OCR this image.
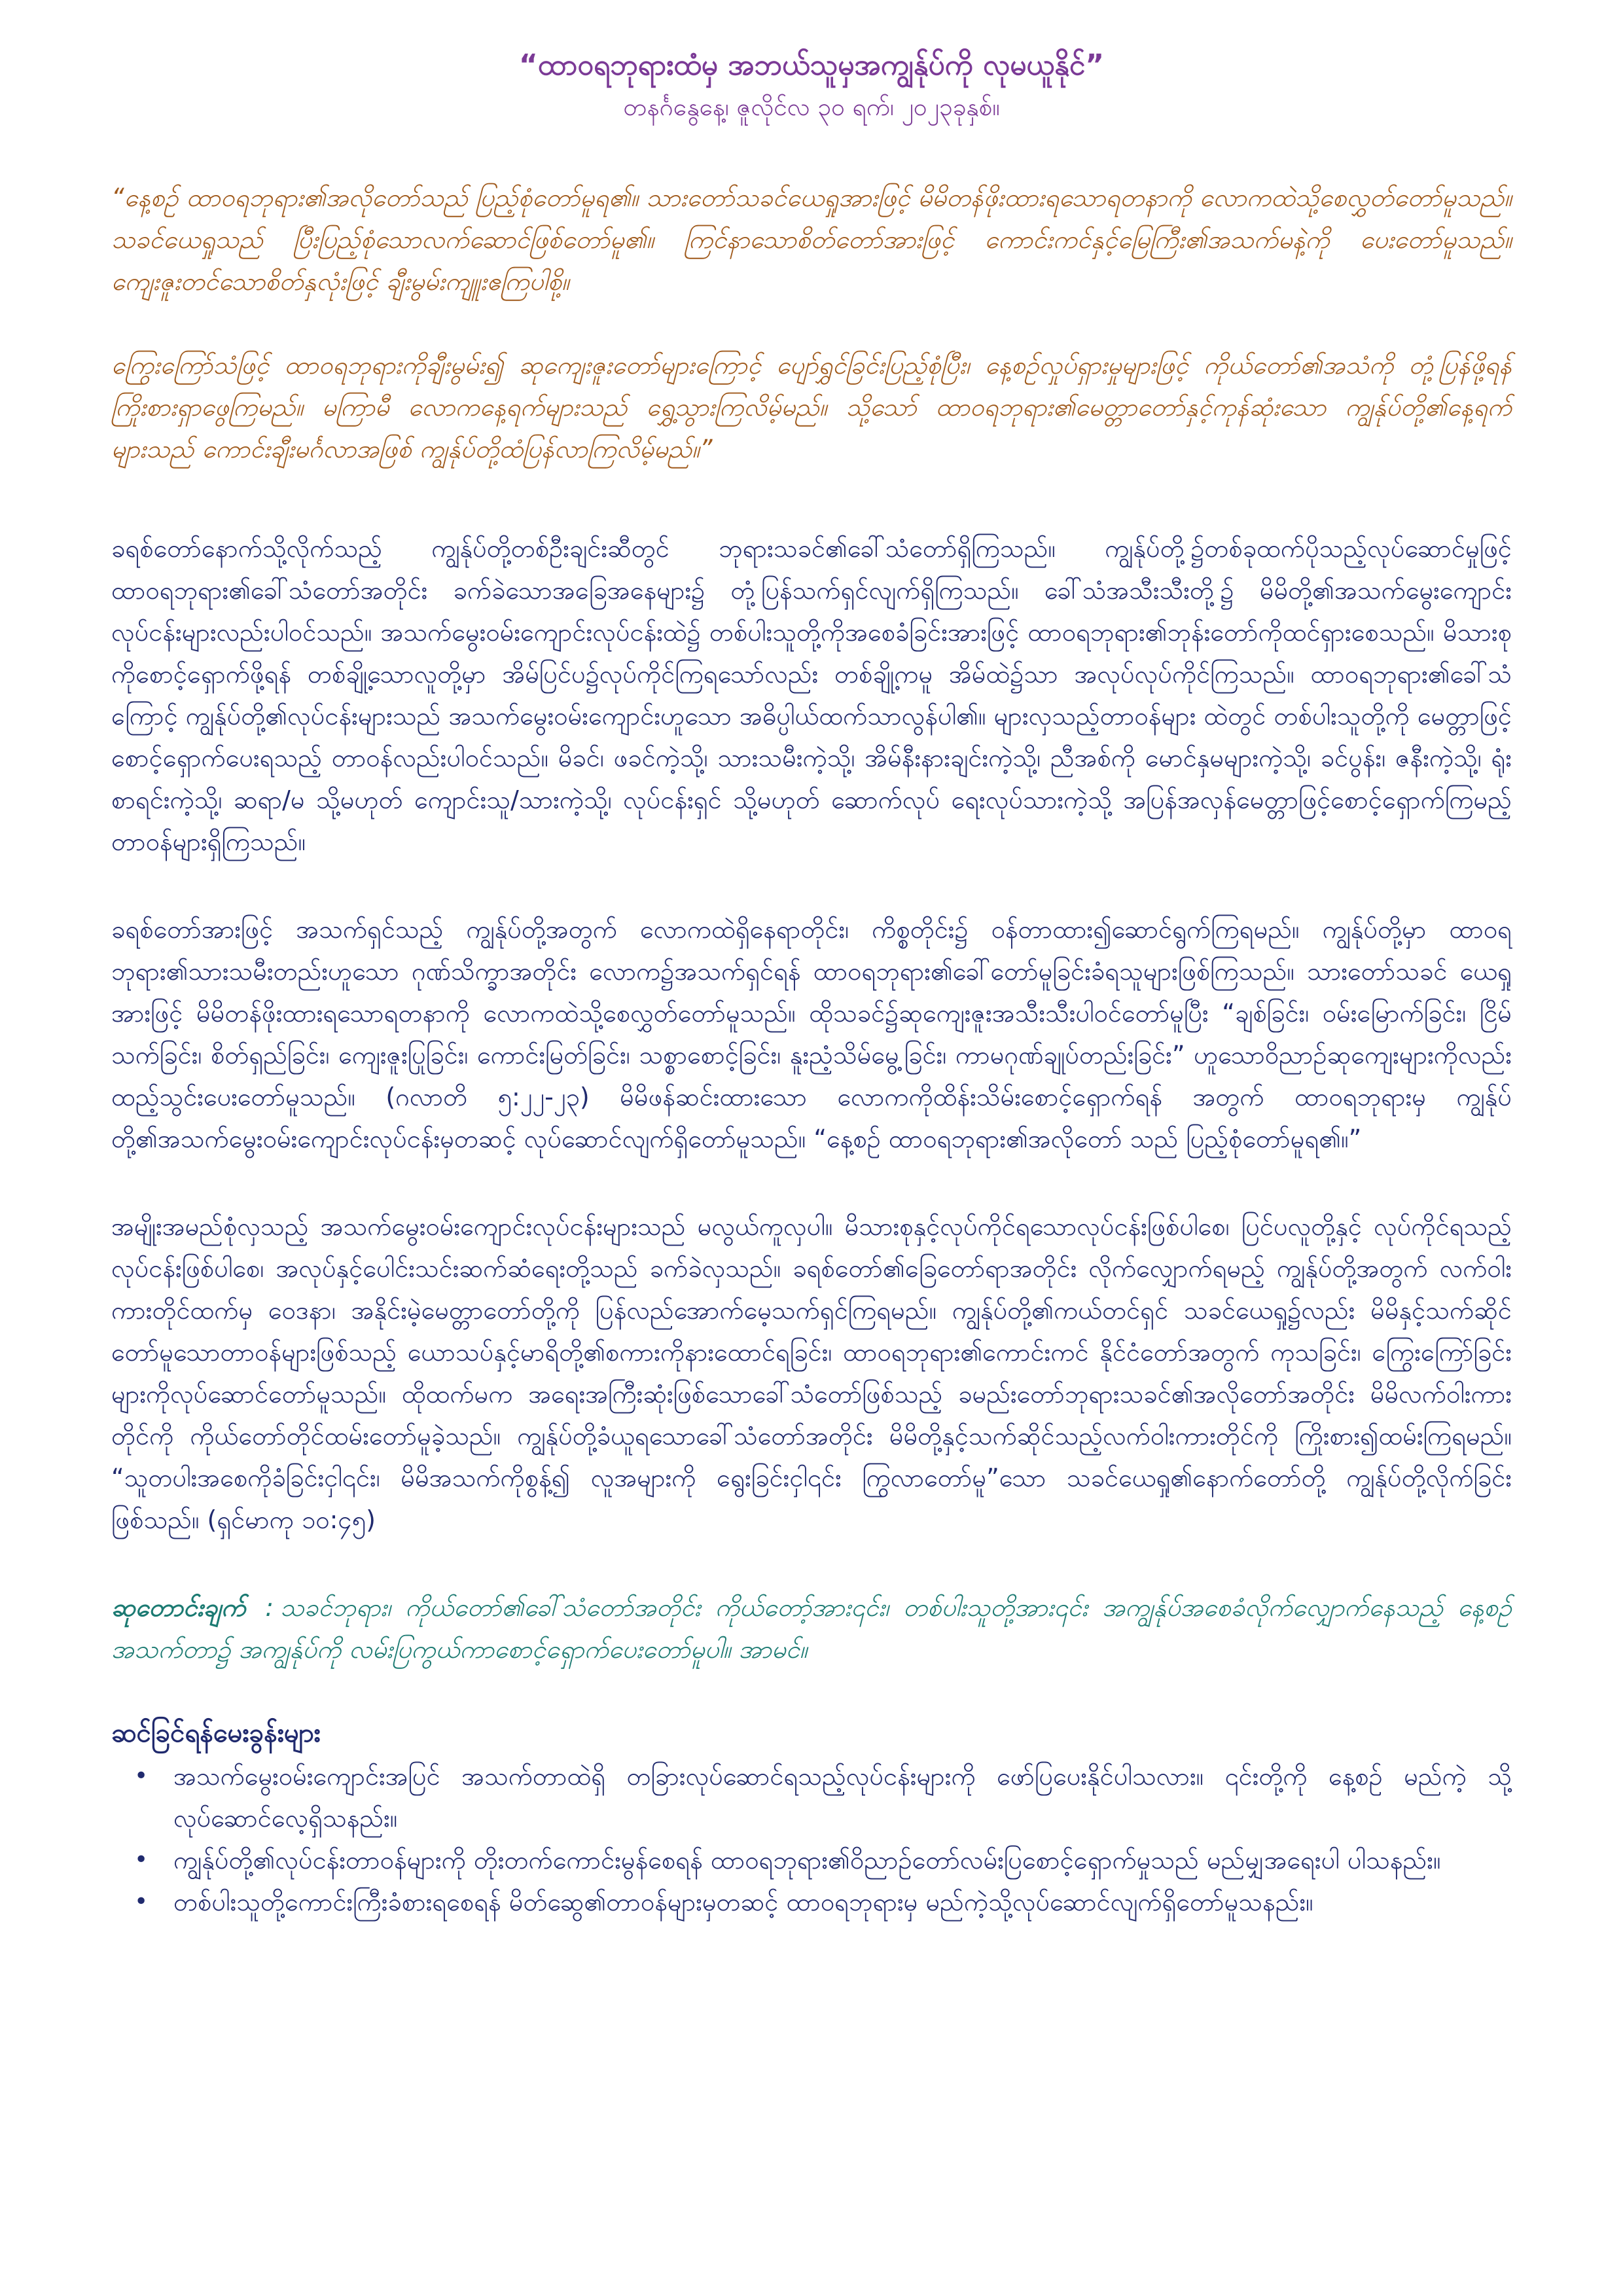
“ထာဝရဘုရားထံမှ အဘယ်သူမှအကျွန်ုပ်ကို လုမယူနိုင်”

တနင်္ဂနွေနေ့၊ ဇူလိုင်လ ၃၀ ရက်၊ ၂၀၂၃ခုနှစ်။

“နေ့စဉ် ထာဝရဘုရား၏အလိုတော်သည် ပြည့်စုံတော်မူရ၏။ သားတော်သခင်ယေရှုအားဖြင့် မိမိတန်ဖိုးထားရသောရတနာကို လောကထဲသို့စေလွှတ်တော်မူသည်။ သခင်ယေရှုသည် ပြီးပြည့်စုံသောလက်ဆောင်ဖြစ်တော်မူ၏။ ကြင်နာသောစိတ်တော်အားဖြင့် ကောင်းကင်နှင့်မြေကြီး၏အသက်မနဲ့ကို ပေးတော်မူသည်။ ကျေးဇူးတင်သောစိတ်နှလုံးဖြင့် ချီးမွမ်းကျူးဧကြပါစို့။

ကြွေးကြော်သံဖြင့် ထာဝရဘုရားကိုချီးမွမ်း၍ ဆုကျေးဇူးတော်များကြောင့် ပျော်ရွှင်ခြင်းပြည့်စုံပြီး၊ နေ့စဉ်လှုပ်ရှားမှုများဖြင့် ကိုယ်တော်၏အသံကို တုံ့ပြန်ဖို့ရန် ကြိုးစားရှာဖွေကြမည်။ မကြာမီ လောကနေ့ရက်များသည် ရွှေ့သွားကြလိမ့်မည်။ သို့သော် ထာဝရဘုရား၏မေတ္တာတော်နှင့်ကုန်ဆုံးသော ကျွန်ုပ်တို့၏နေ့ရက်များသည် ကောင်းချီးမင်္ဂလာအဖြစ် ကျွန်ုပ်တို့ထံပြန်လာကြလိမ့်မည်။”

ခရစ်တော်နောက်သို့လိုက်သည့် ကျွန်ုပ်တို့တစ်ဦးချင်းဆီတွင် ဘုရားသခင်၏ခေါ်သံတော်ရှိကြသည်။ ကျွန်ုပ်တို့၌တစ်ခုထက်ပိုသည့်လုပ်ဆောင်မှုဖြင့် ထာဝရဘုရား၏ခေါ်သံတော်အတိုင်း ခက်ခဲသောအခြေအနေများ၌ တုံ့ပြန်သက်ရှင်လျက်ရှိကြသည်။ ခေါ်သံအသီးသီးတို့၌ မိမိတို့၏အသက်မွေးကျောင်း လုပ်ငန်းများလည်းပါဝင်သည်။ အသက်မွေးဝမ်းကျောင်းလုပ်ငန်းထဲ၌ တစ်ပါးသူတို့ကိုအစေခံခြင်းအားဖြင့် ထာဝရဘုရား၏ဘုန်းတော်ကိုထင်ရှားစေသည်။ မိသားစုကိုစောင့်ရှောက်ဖို့ရန် တစ်ချို့သောလူတို့မှာ အိမ်ပြင်ပ၌လုပ်ကိုင်ကြရသော်လည်း တစ်ချို့ကမူ အိမ်ထဲ၌သာ အလုပ်လုပ်ကိုင်ကြသည်။ ထာဝရဘုရား၏ခေါ်သံကြောင့် ကျွန်ုပ်တို့၏လုပ်ငန်းများသည် အသက်မွေးဝမ်းကျောင်းဟူသော အဓိပ္ပါယ်ထက်သာလွန်ပါ၏။ များလှသည့်တာဝန်များ ထဲတွင် တစ်ပါးသူတို့ကို မေတ္တာဖြင့်စောင့်ရှောက်ပေးရသည့် တာဝန်လည်းပါဝင်သည်။ မိခင်၊ ဖခင်ကဲ့သို့၊ သားသမီးကဲ့သို့၊ အိမ်နီးနားချင်းကဲ့သို့၊ ညီအစ်ကို မောင်နှမများကဲ့သို့၊ ခင်ပွန်း၊ ဇနီးကဲ့သို့၊ ရုံးစာရင်းကဲ့သို့၊ ဆရာ/မ သို့မဟုတ် ကျောင်းသူ/သားကဲ့သို့၊ လုပ်ငန်းရှင် သို့မဟုတ် ဆောက်လုပ် ရေးလုပ်သားကဲ့သို့ အပြန်အလှန်မေတ္တာဖြင့်စောင့်ရှောက်ကြမည့်တာဝန်များရှိကြသည်။

ခရစ်တော်အားဖြင့် အသက်ရှင်သည့် ကျွန်ုပ်တို့အတွက် လောကထဲရှိနေရာတိုင်း၊ ကိစ္စတိုင်း၌ ဝန်တာထား၍ဆောင်ရွက်ကြရမည်။ ကျွန်ုပ်တို့မှာ ထာဝရ ဘုရား၏သားသမီးတည်းဟူသော ဂုဏ်သိက္ခာအတိုင်း လောက၌အသက်ရှင်ရန် ထာဝရဘုရား၏ခေါ်တော်မူခြင်းခံရသူများဖြစ်ကြသည်။ သားတော်သခင် ယေရှုအားဖြင့် မိမိတန်ဖိုးထားရသောရတနာကို လောကထဲသို့စေလွှတ်တော်မူသည်။ ထိုသခင်၌ဆုကျေးဇူးအသီးသီးပါဝင်တော်မူပြီး “ချစ်ခြင်း၊ ဝမ်းမြောက်ခြင်း၊ ငြိမ်သက်ခြင်း၊ စိတ်ရှည်ခြင်း၊ ကျေးဇူးပြုခြင်း၊ ကောင်းမြတ်ခြင်း၊ သစ္စာစောင့်ခြင်း၊ နူးညံ့သိမ်မွေ့ခြင်း၊ ကာမဂုဏ်ချုပ်တည်းခြင်း” ဟူသောဝိညာဉ်ဆုကျေးများကိုလည်း ထည့်သွင်းပေးတော်မူသည်။ (ဂလာတိ ၅:၂၂-၂၃) မိမိဖန်ဆင်းထားသော လောကကိုထိန်းသိမ်းစောင့်ရှောက်ရန် အတွက် ထာဝရဘုရားမှ ကျွန်ုပ်တို့၏အသက်မွေးဝမ်းကျောင်းလုပ်ငန်းမှတဆင့် လုပ်ဆောင်လျက်ရှိတော်မူသည်။ “နေ့စဉ် ထာဝရဘုရား၏အလိုတော် သည် ပြည့်စုံတော်မူရ၏။”

အမျိုးအမည်စုံလှသည့် အသက်မွေးဝမ်းကျောင်းလုပ်ငန်းများသည် မလွယ်ကူလှပါ။ မိသားစုနှင့်လုပ်ကိုင်ရသောလုပ်ငန်းဖြစ်ပါစေ၊ ပြင်ပလူတို့နှင့် လုပ်ကိုင်ရသည့်လုပ်ငန်းဖြစ်ပါစေ၊ အလုပ်နှင့်ပေါင်းသင်းဆက်ဆံရေးတို့သည် ခက်ခဲလှသည်။ ခရစ်တော်၏ခြေတော်ရာအတိုင်း လိုက်လျှောက်ရမည့် ကျွန်ုပ်တို့အတွက် လက်ဝါးကားတိုင်ထက်မှ ဝေဒနာ၊ အနိုင်းမဲ့မေတ္တာတော်တို့ကို ပြန်လည်အောက်မေ့သက်ရှင်ကြရမည်။ ကျွန်ုပ်တို့၏ကယ်တင်ရှင် သခင်ယေရှု၌လည်း မိမိနှင့်သက်ဆိုင်တော်မူသောတာဝန်များဖြစ်သည့် ယောသပ်နှင့်မာရိတို့၏စကားကိုနားထောင်ရခြင်း၊ ထာဝရဘုရား၏ကောင်းကင် နိုင်ငံတော်အတွက် ကုသခြင်း၊ ကြွေးကြော်ခြင်းများကိုလုပ်ဆောင်တော်မူသည်။ ထိုထက်မက အရေးအကြီးဆုံးဖြစ်သောခေါ်သံတော်ဖြစ်သည့် ခမည်းတော်ဘုရားသခင်၏အလိုတော်အတိုင်း မိမိလက်ဝါးကားတိုင်ကို ကိုယ်တော်တိုင်ထမ်းတော်မူခဲ့သည်။ ကျွန်ုပ်တို့ခံယူရသောခေါ်သံတော်အတိုင်း မိမိတို့နှင့်သက်ဆိုင်သည့်လက်ဝါးကားတိုင်ကို ကြိုးစား၍ထမ်းကြရမည်။ “သူတပါးအစေကိုခံခြင်းငှါ၎င်း၊ မိမိအသက်ကိုစွန့်၍ လူအများကို ရွေးခြင်းငှါ၎င်း ကြွလာတော်မူ”သော သခင်ယေရှု၏နောက်တော်တို့ ကျွန်ုပ်တို့လိုက်ခြင်းဖြစ်သည်။ (ရှင်မာကု ၁၀:၄၅)

ဆုတောင်းချက် : သခင်ဘုရား၊ ကိုယ်တော်၏ခေါ်သံတော်အတိုင်း ကိုယ်တော့်အား၎င်း၊ တစ်ပါးသူတို့အား၎င်း အကျွန်ုပ်အစေခံလိုက်လျှောက်နေသည့် နေ့စဉ်အသက်တာ၌ အကျွန်ုပ်ကို လမ်းပြကွယ်ကာစောင့်ရှောက်ပေးတော်မူပါ။ အာမင်။

ဆင်ခြင်ရန်မေးခွန်းများ
• အသက်မွေးဝမ်းကျောင်းအပြင် အသက်တာထဲရှိ တခြားလုပ်ဆောင်ရသည့်လုပ်ငန်းများကို ဖော်ပြပေးနိုင်ပါသလား။ ၎င်းတို့ကို နေ့စဉ် မည်ကဲ့ သို့လုပ်ဆောင်လေ့ရှိသနည်း။
• ကျွန်ုပ်တို့၏လုပ်ငန်းတာဝန်များကို တိုးတက်ကောင်းမွန်စေရန် ထာဝရဘုရား၏ဝိညာဉ်တော်လမ်းပြစောင့်ရှောက်မှုသည် မည်မျှအရေးပါ ပါသနည်း။
• တစ်ပါးသူတို့ကောင်းကြီးခံစားရစေရန် မိတ်ဆွေ၏တာဝန်များမှတဆင့် ထာဝရဘုရားမှ မည်ကဲ့သို့လုပ်ဆောင်လျက်ရှိတော်မူသနည်း။
